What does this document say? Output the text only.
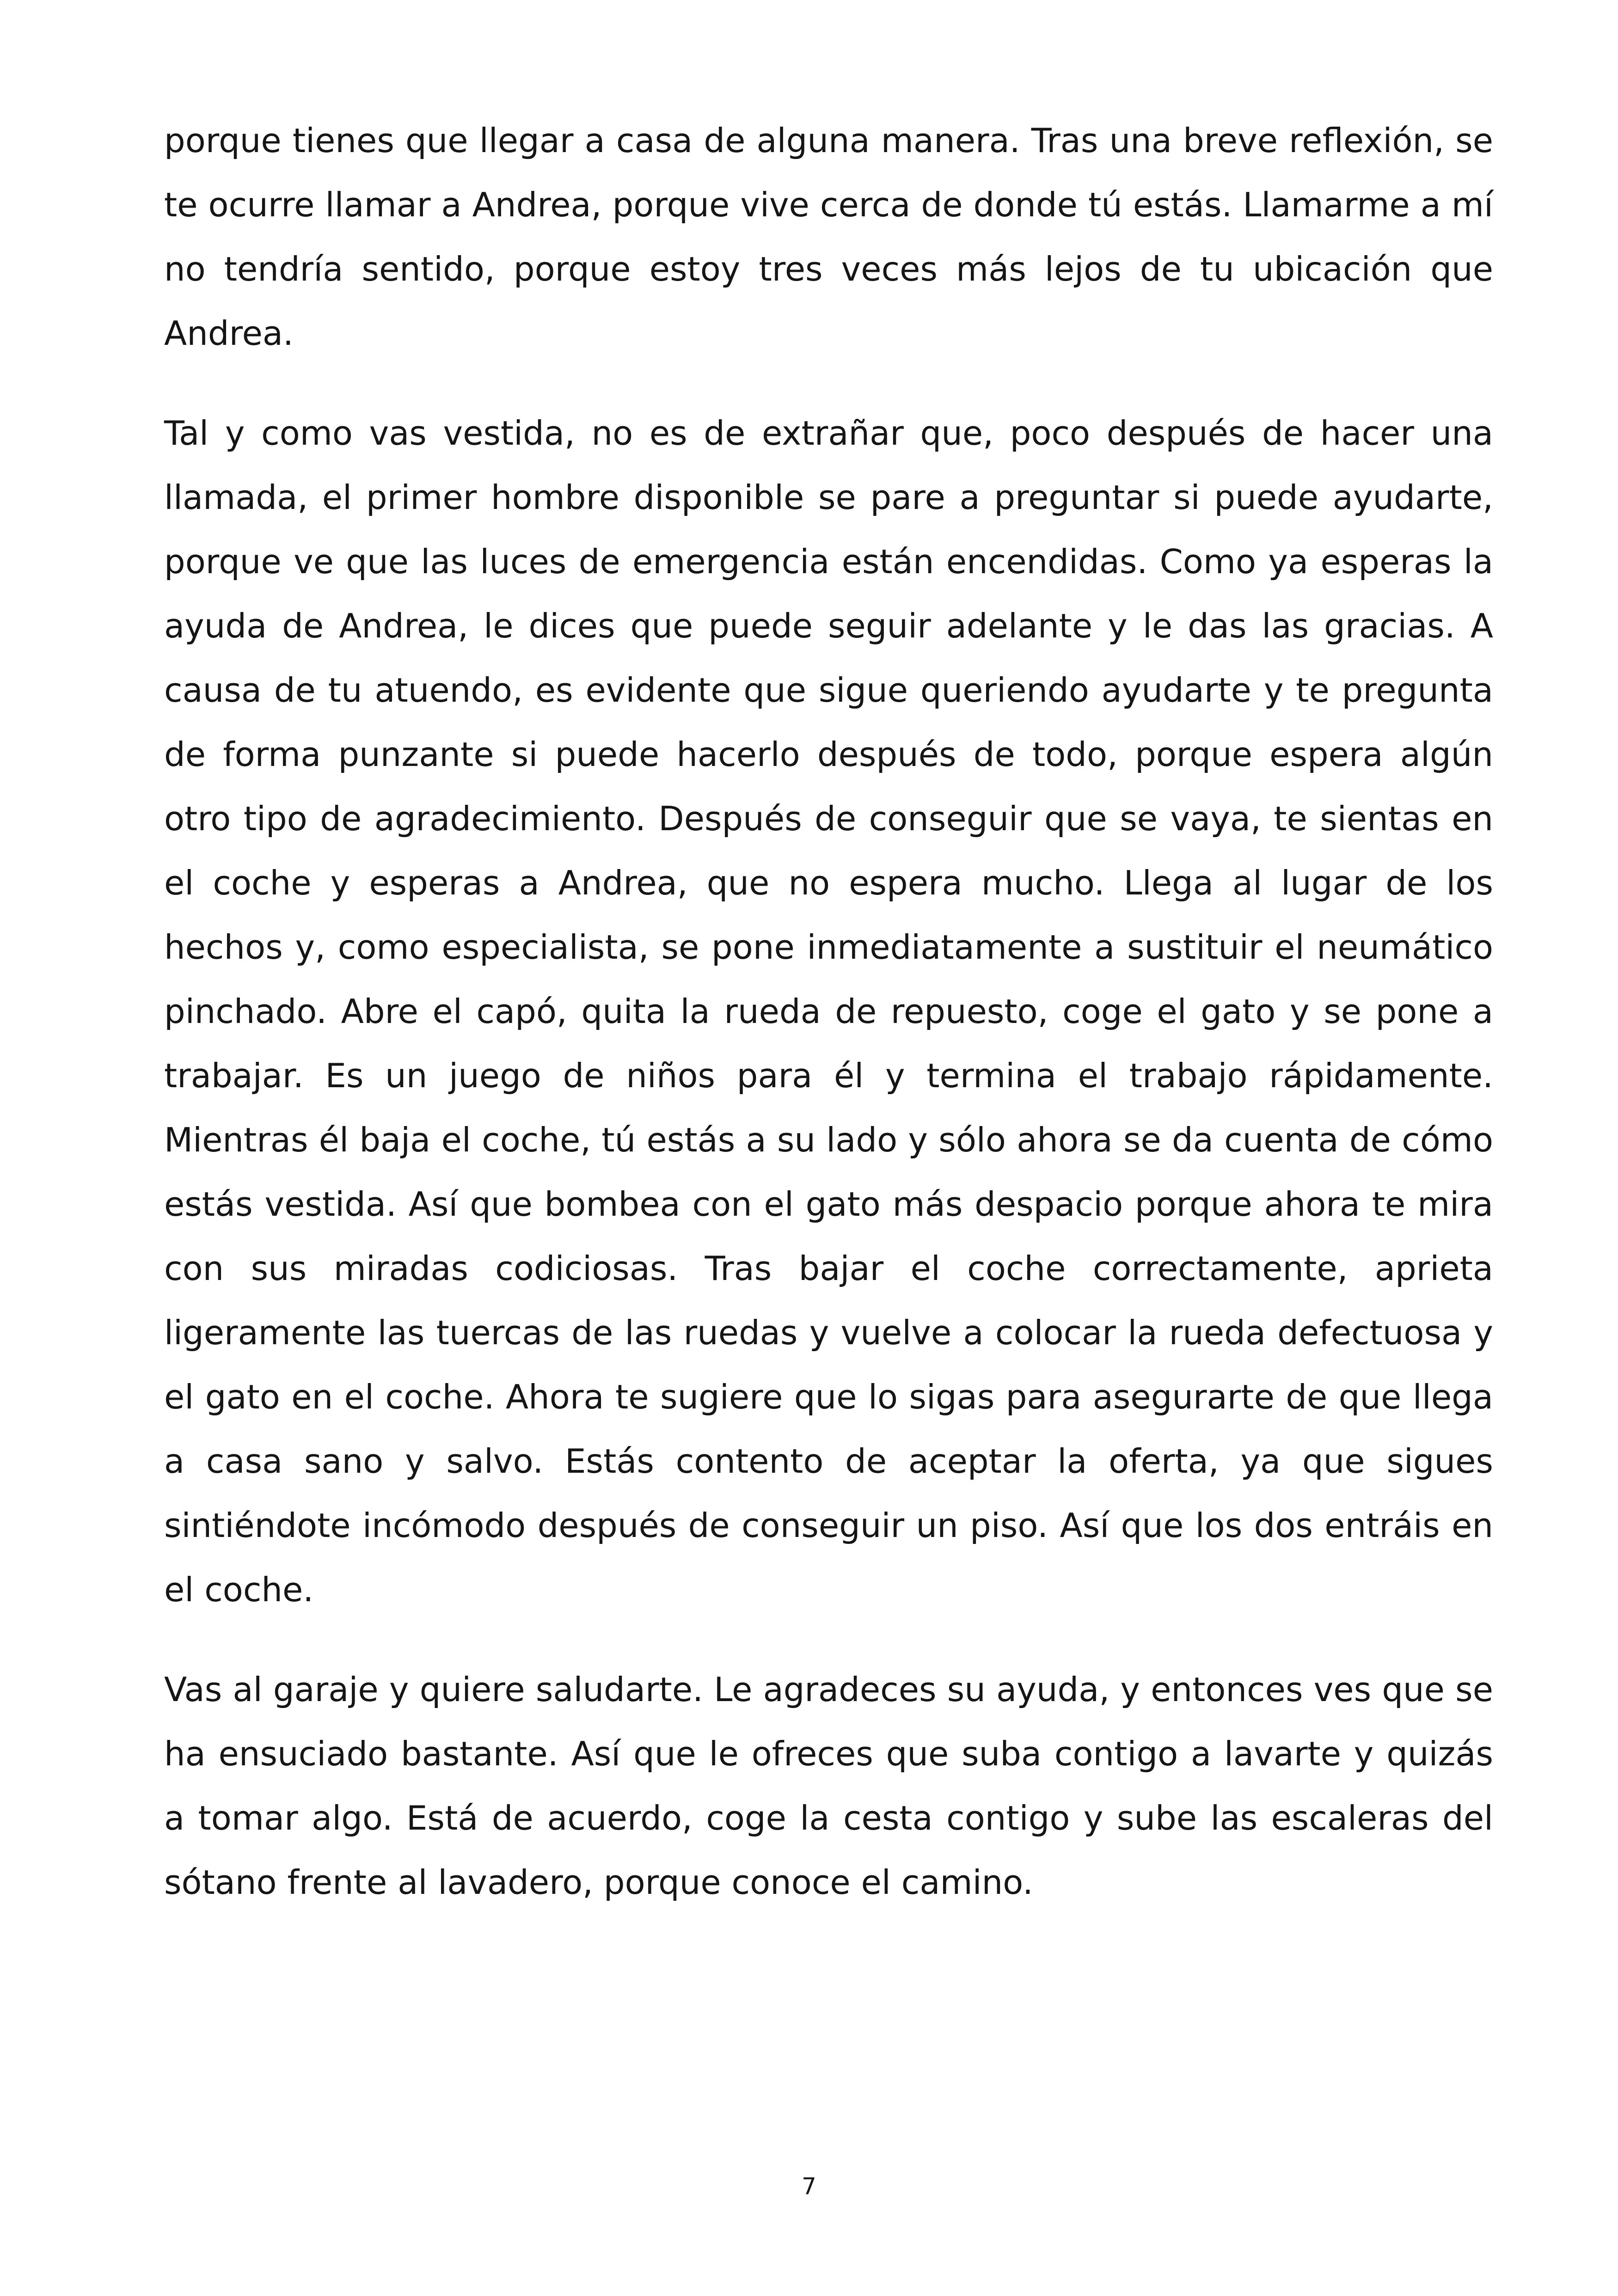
porque tienes que llegar a casa de alguna manera. Tras una breve reflexión, se te ocurre llamar a Andrea, porque vive cerca de donde tú estás. Llamarme a mí no tendría sentido, porque estoy tres veces más lejos de tu ubicación que Andrea.

Tal y como vas vestida, no es de extrañar que, poco después de hacer una llamada, el primer hombre disponible se pare a preguntar si puede ayudarte, porque ve que las luces de emergencia están encendidas. Como ya esperas la ayuda de Andrea, le dices que puede seguir adelante y le das las gracias. A causa de tu atuendo, es evidente que sigue queriendo ayudarte y te pregunta de forma punzante si puede hacerlo después de todo, porque espera algún otro tipo de agradecimiento. Después de conseguir que se vaya, te sientas en el coche y esperas a Andrea, que no espera mucho. Llega al lugar de los hechos y, como especialista, se pone inmediatamente a sustituir el neumático pinchado. Abre el capó, quita la rueda de repuesto, coge el gato y se pone a trabajar. Es un juego de niños para él y termina el trabajo rápidamente. Mientras él baja el coche, tú estás a su lado y sólo ahora se da cuenta de cómo estás vestida. Así que bombea con el gato más despacio porque ahora te mira con sus miradas codiciosas. Tras bajar el coche correctamente, aprieta ligeramente las tuercas de las ruedas y vuelve a colocar la rueda defectuosa y el gato en el coche. Ahora te sugiere que lo sigas para asegurarte de que llega a casa sano y salvo. Estás contento de aceptar la oferta, ya que sigues sintiéndote incómodo después de conseguir un piso. Así que los dos entráis en el coche.

Vas al garaje y quiere saludarte. Le agradeces su ayuda, y entonces ves que se ha ensuciado bastante. Así que le ofreces que suba contigo a lavarte y quizás a tomar algo. Está de acuerdo, coge la cesta contigo y sube las escaleras del sótano frente al lavadero, porque conoce el camino.

7
